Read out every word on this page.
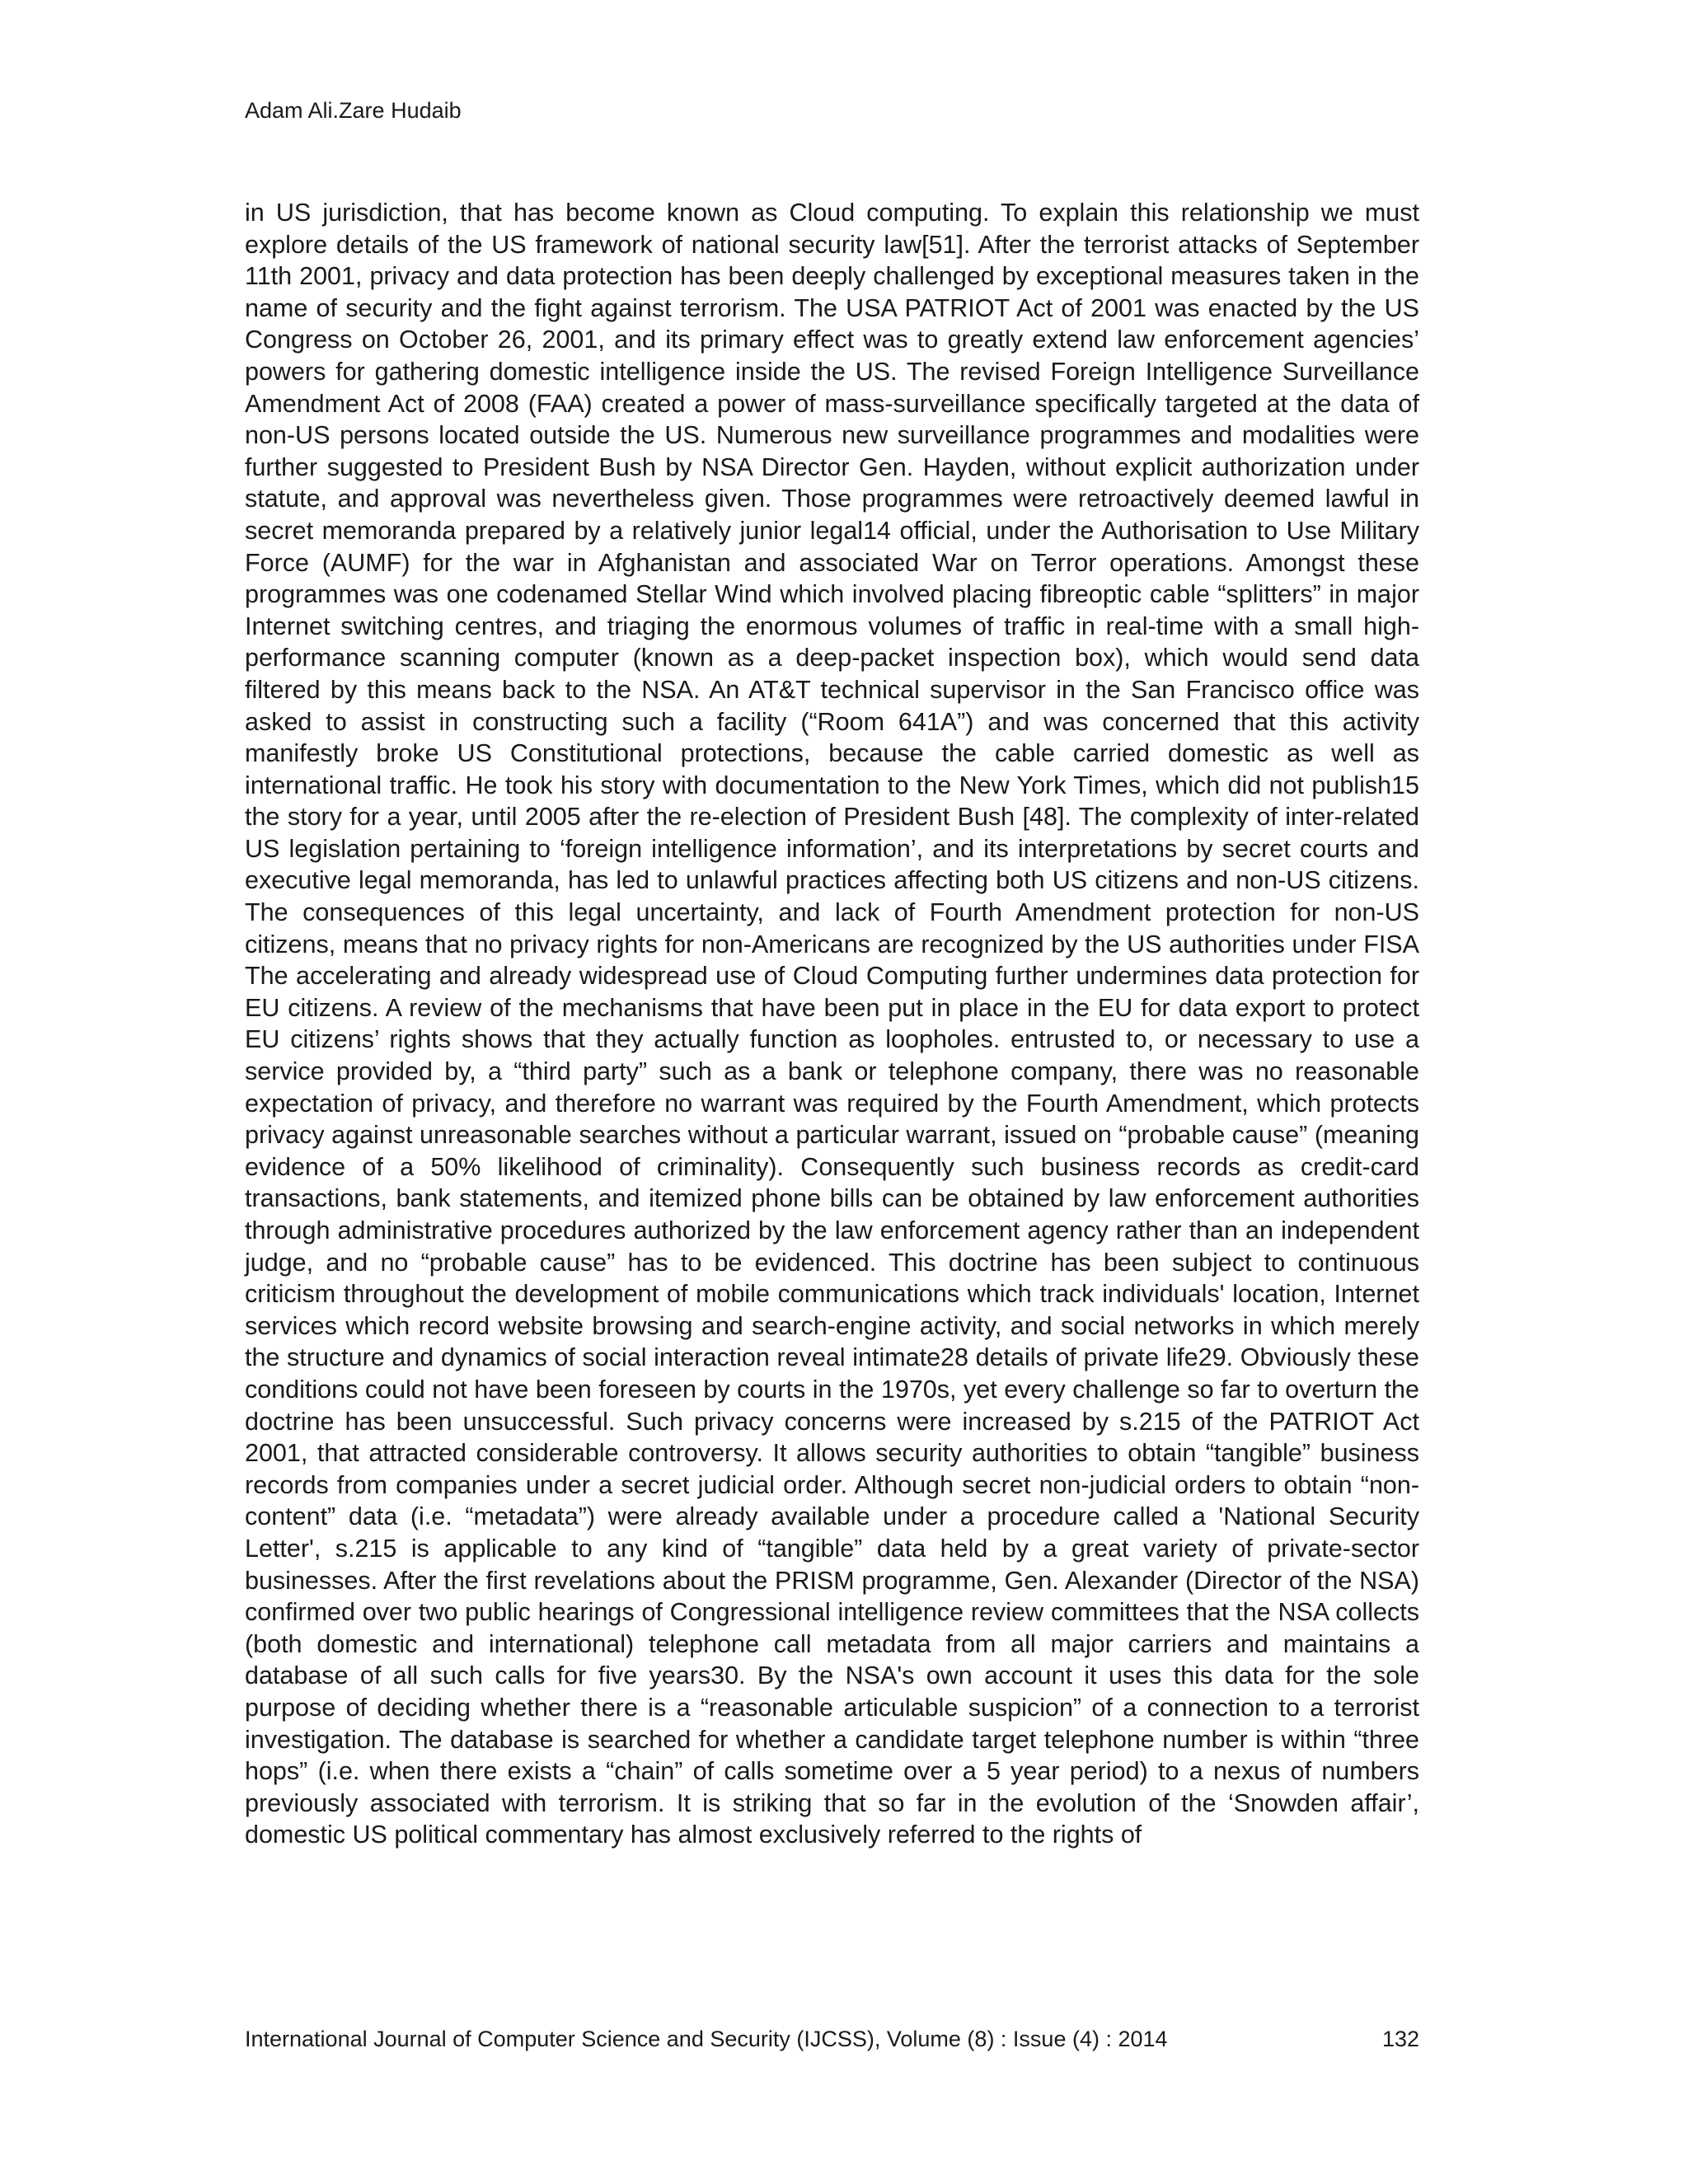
Adam Ali.Zare Hudaib

in US jurisdiction, that has become known as Cloud computing. To explain this relationship we must explore details of the US framework of national security law[51]. After the terrorist attacks of September 11th 2001, privacy and data protection has been deeply challenged by exceptional measures taken in the name of security and the fight against terrorism. The USA PATRIOT Act of 2001 was enacted by the US Congress on October 26, 2001, and its primary effect was to greatly extend law enforcement agencies’ powers for gathering domestic intelligence inside the US. The revised Foreign Intelligence Surveillance Amendment Act of 2008 (FAA) created a power of mass-surveillance specifically targeted at the data of non-US persons located outside the US. Numerous new surveillance programmes and modalities were further suggested to President Bush by NSA Director Gen. Hayden, without explicit authorization under statute, and approval was nevertheless given. Those programmes were retroactively deemed lawful in secret memoranda prepared by a relatively junior legal14 official, under the Authorisation to Use Military Force (AUMF) for the war in Afghanistan and associated War on Terror operations. Amongst these programmes was one codenamed Stellar Wind which involved placing fibreoptic cable “splitters” in major Internet switching centres, and triaging the enormous volumes of traffic in real-time with a small high-performance scanning computer (known as a deep-packet inspection box), which would send data filtered by this means back to the NSA. An AT&T technical supervisor in the San Francisco office was asked to assist in constructing such a facility (“Room 641A”) and was concerned that this activity manifestly broke US Constitutional protections, because the cable carried domestic as well as international traffic. He took his story with documentation to the New York Times, which did not publish15 the story for a year, until 2005 after the re-election of President Bush [48]. The complexity of inter-related US legislation pertaining to ‘foreign intelligence information’, and its interpretations by secret courts and executive legal memoranda, has led to unlawful practices affecting both US citizens and non-US citizens. The consequences of this legal uncertainty, and lack of Fourth Amendment protection for non-US citizens, means that no privacy rights for non-Americans are recognized by the US authorities under FISA The accelerating and already widespread use of Cloud Computing further undermines data protection for EU citizens. A review of the mechanisms that have been put in place in the EU for data export to protect EU citizens’ rights shows that they actually function as loopholes. entrusted to, or necessary to use a service provided by, a “third party” such as a bank or telephone company, there was no reasonable expectation of privacy, and therefore no warrant was required by the Fourth Amendment, which protects privacy against unreasonable searches without a particular warrant, issued on “probable cause” (meaning evidence of a 50% likelihood of criminality). Consequently such business records as credit-card transactions, bank statements, and itemized phone bills can be obtained by law enforcement authorities through administrative procedures authorized by the law enforcement agency rather than an independent judge, and no “probable cause” has to be evidenced. This doctrine has been subject to continuous criticism throughout the development of mobile communications which track individuals' location, Internet services which record website browsing and search-engine activity, and social networks in which merely the structure and dynamics of social interaction reveal intimate28 details of private life29. Obviously these conditions could not have been foreseen by courts in the 1970s, yet every challenge so far to overturn the doctrine has been unsuccessful. Such privacy concerns were increased by s.215 of the PATRIOT Act 2001, that attracted considerable controversy. It allows security authorities to obtain “tangible” business records from companies under a secret judicial order. Although secret non-judicial orders to obtain “non-content” data (i.e. “metadata”) were already available under a procedure called a 'National Security Letter', s.215 is applicable to any kind of “tangible” data held by a great variety of private-sector businesses. After the first revelations about the PRISM programme, Gen. Alexander (Director of the NSA) confirmed over two public hearings of Congressional intelligence review committees that the NSA collects (both domestic and international) telephone call metadata from all major carriers and maintains a database of all such calls for five years30. By the NSA's own account it uses this data for the sole purpose of deciding whether there is a “reasonable articulable suspicion” of a connection to a terrorist investigation. The database is searched for whether a candidate target telephone number is within “three hops” (i.e. when there exists a “chain” of calls sometime over a 5 year period) to a nexus of numbers previously associated with terrorism. It is striking that so far in the evolution of the ‘Snowden affair’, domestic US political commentary has almost exclusively referred to the rights of

International Journal of Computer Science and Security (IJCSS), Volume (8) : Issue (4) : 2014	132
